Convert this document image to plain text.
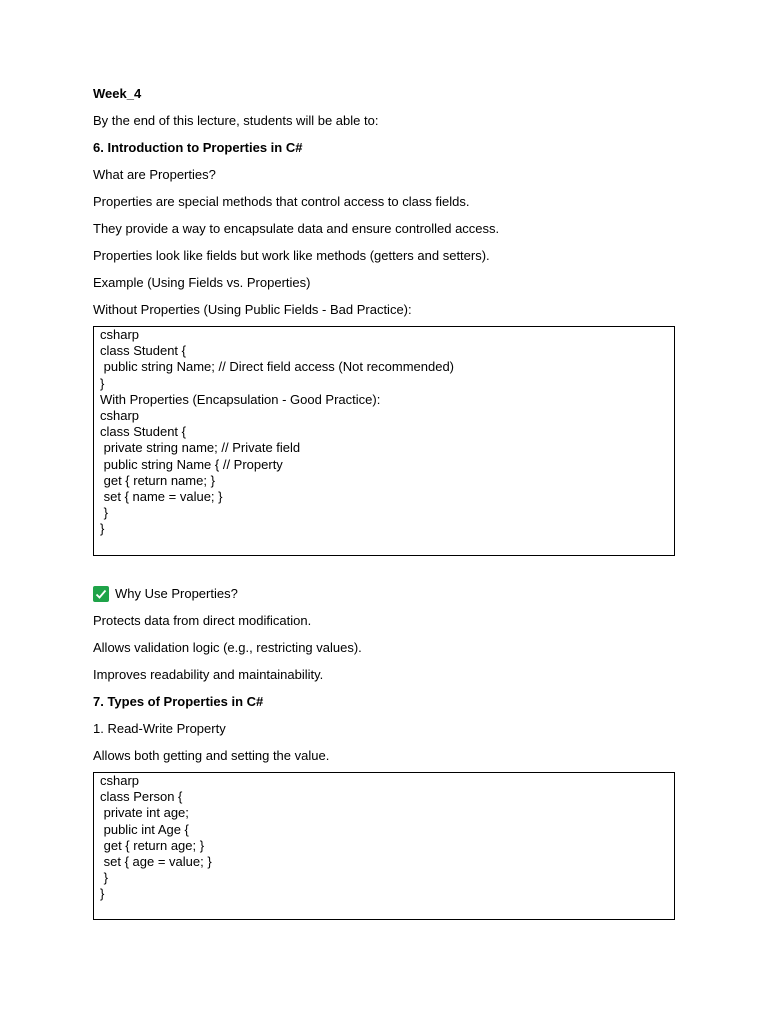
Week_4

By the end of this lecture, students will be able to:

6. Introduction to Properties in C#

What are Properties?

Properties are special methods that control access to class fields.

They provide a way to encapsulate data and ensure controlled access.

Properties look like fields but work like methods (getters and setters).

Example (Using Fields vs. Properties)

Without Properties (Using Public Fields - Bad Practice):

csharp
class Student {
public string Name; // Direct field access (Not recommended)
}
With Properties (Encapsulation - Good Practice):
csharp
class Student {
private string name; // Private field
public string Name { // Property
get { return name; }
set { name = value; }
}
}

Why Use Properties?

Protects data from direct modification.

Allows validation logic (e.g., restricting values).

Improves readability and maintainability.

7. Types of Properties in C#

1. Read-Write Property

Allows both getting and setting the value.

csharp
class Person {
private int age;
public int Age {
get { return age; }
set { age = value; }
}
}
